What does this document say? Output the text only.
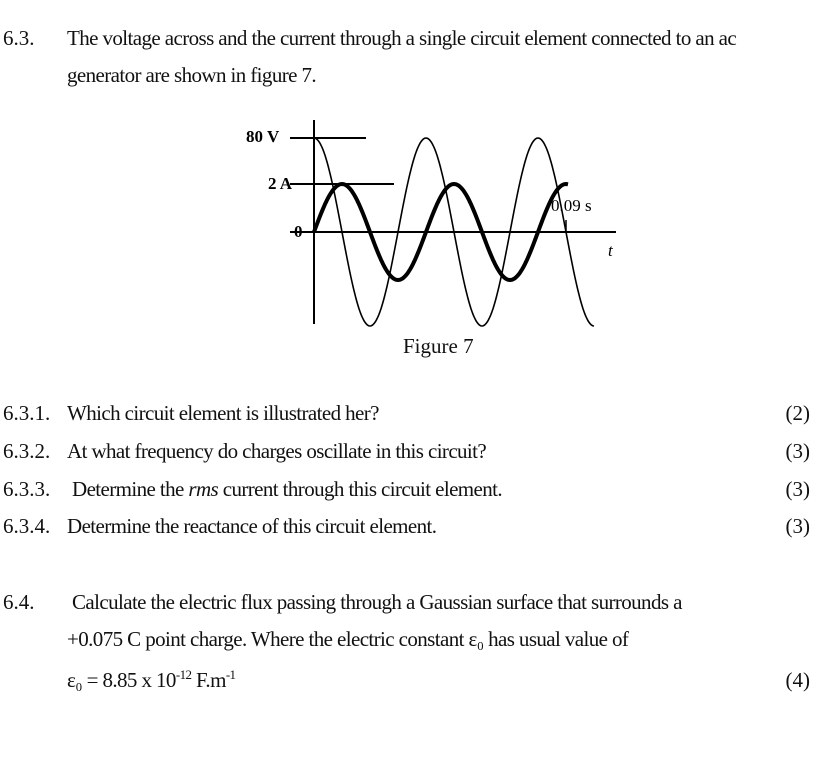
6.3. The voltage across and the current through a single circuit element connected to an ac
generator are shown in figure 7.
80 V
2 A
0
0.09 s
t
Figure 7
6.3.1. Which circuit element is illustrated her?	(2)
6.3.2. At what frequency do charges oscillate in this circuit?	(3)
6.3.3. Determine the rms current through this circuit element.	(3)
6.3.4. Determine the reactance of this circuit element.	(3)
6.4. Calculate the electric flux passing through a Gaussian surface that surrounds a
+0.075 C point charge. Where the electric constant ε₀ has usual value of
ε₀ = 8.85 x $10^{-12}$ $F.m^{-1}$	(4)
